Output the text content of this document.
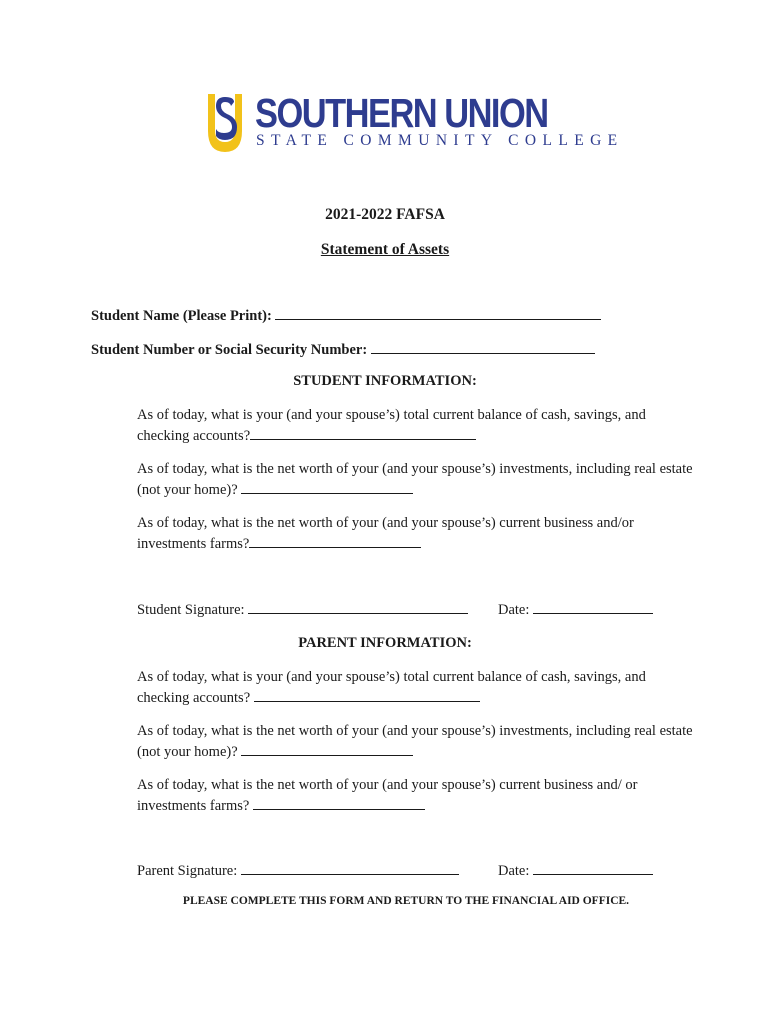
SOUTHERN UNION
STATE COMMUNITY COLLEGE
2021-2022 FAFSA
Statement of Assets
Student Name (Please Print):
Student Number or Social Security Number:
STUDENT INFORMATION:
As of today, what is your (and your spouse’s) total current balance of cash, savings, and checking accounts?
As of today, what is the net worth of your (and your spouse’s) investments, including real estate (not your home)?
As of today, what is the net worth of your (and your spouse’s) current business and/or investments farms?
Student Signature:	Date:
PARENT INFORMATION:
As of today, what is your (and your spouse’s) total current balance of cash, savings, and checking accounts?
As of today, what is the net worth of your (and your spouse’s) investments, including real estate (not your home)?
As of today, what is the net worth of your (and your spouse’s) current business and/ or investments farms?
Parent Signature:	Date:
PLEASE COMPLETE THIS FORM AND RETURN TO THE FINANCIAL AID OFFICE.
